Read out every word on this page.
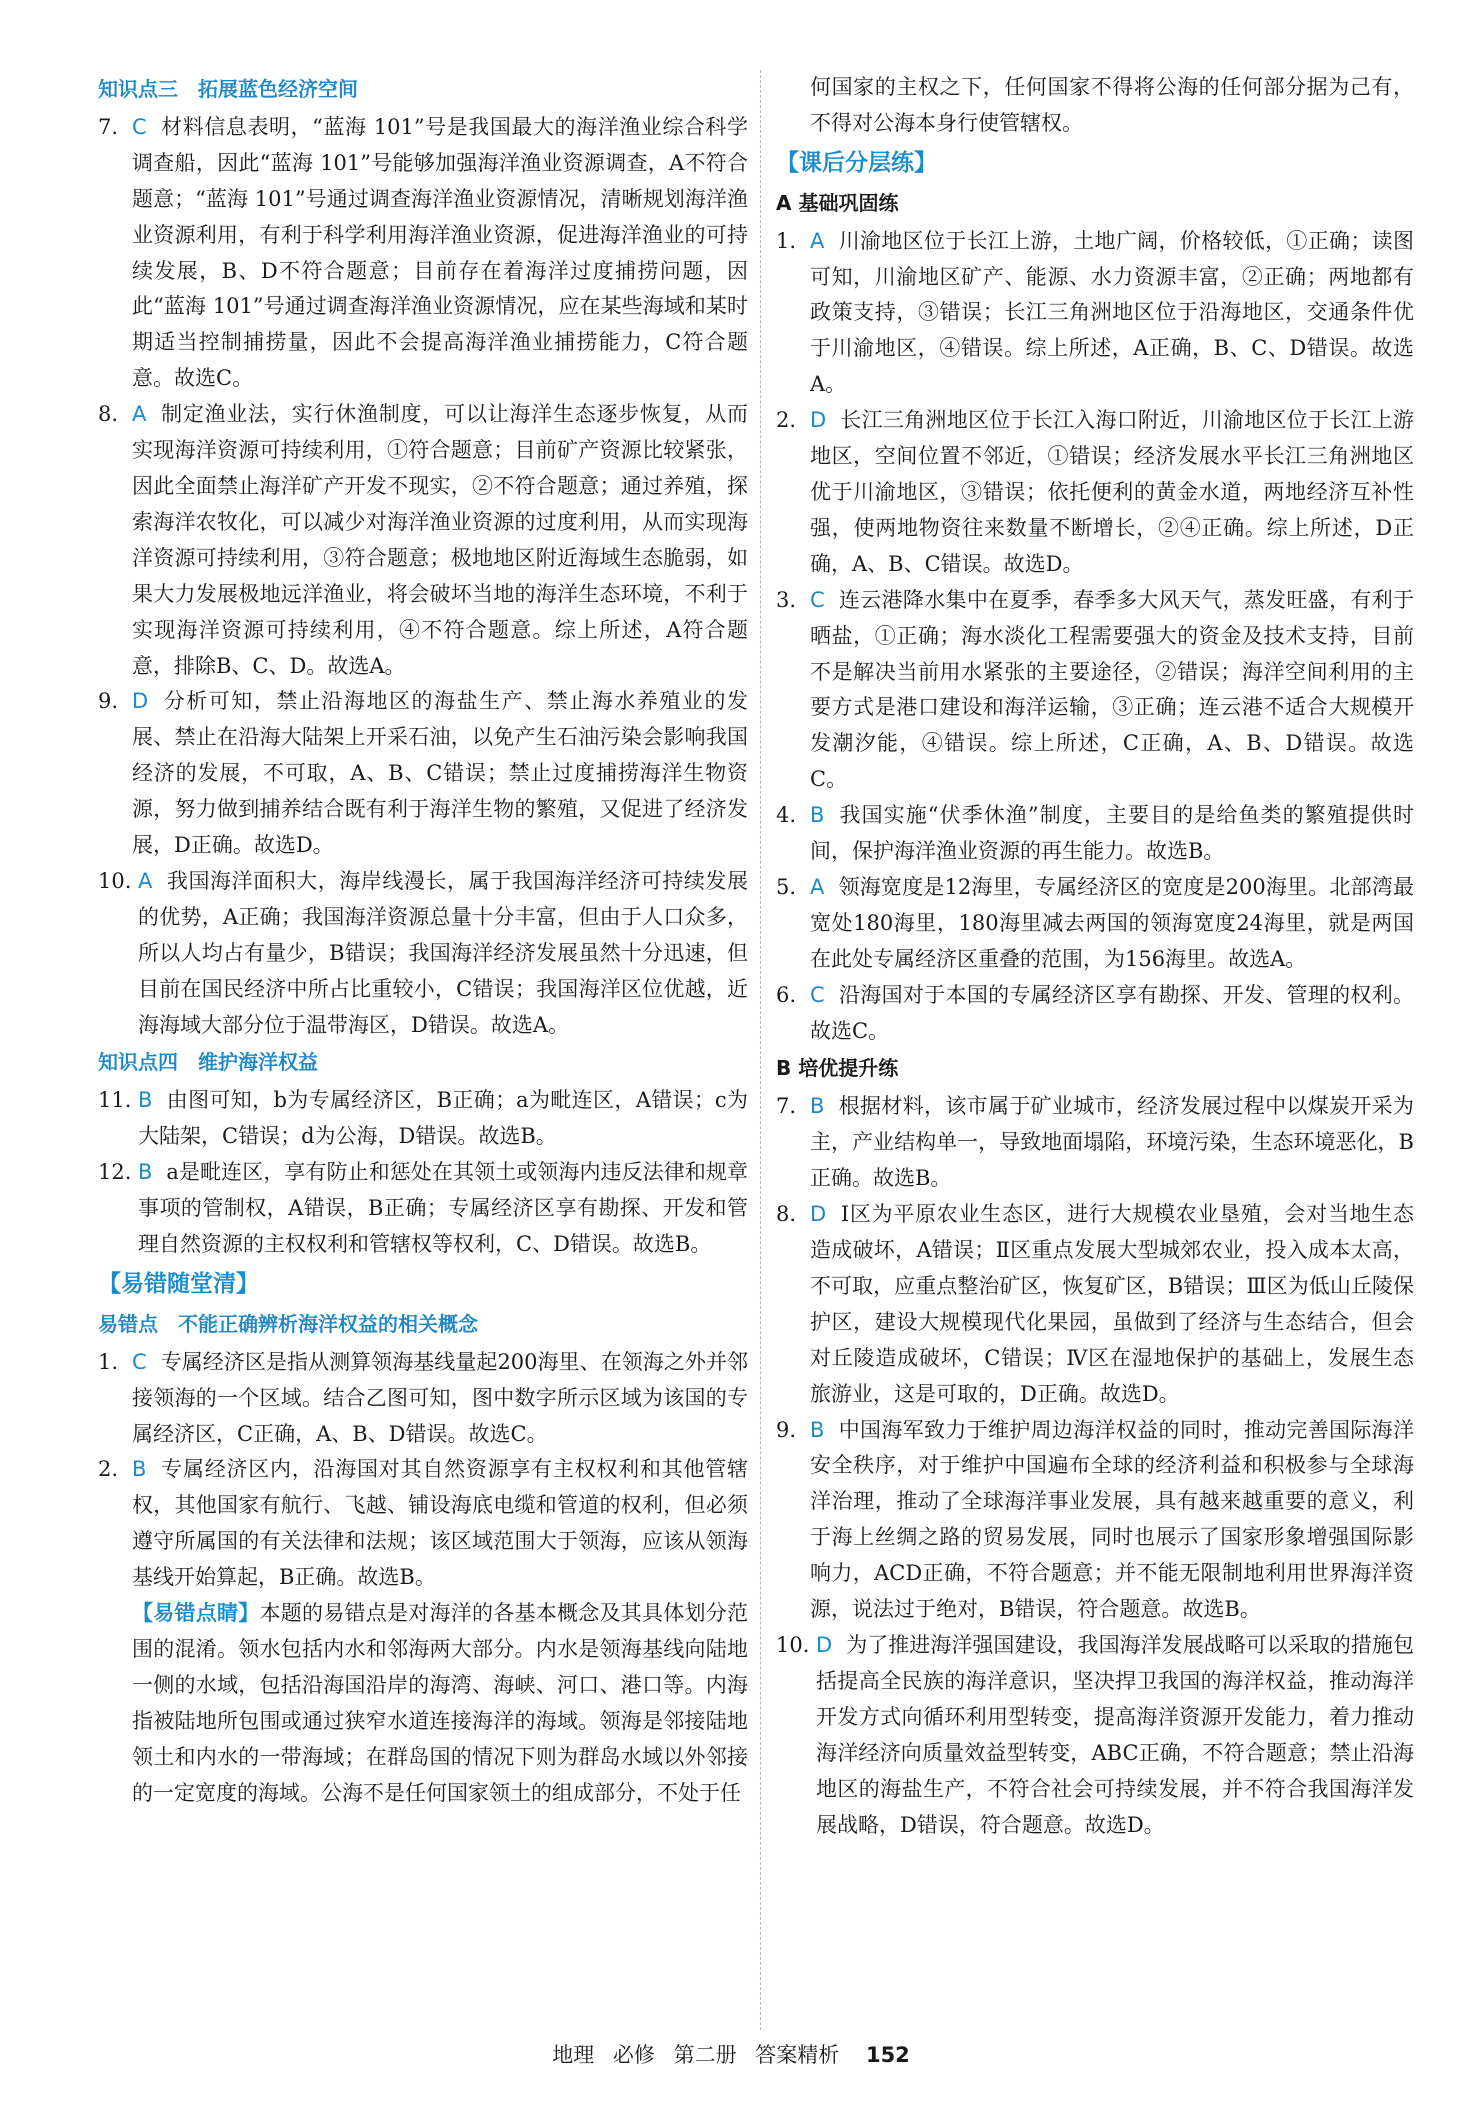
知识点三　拓展蓝色经济空间
7. C 材料信息表明，“蓝海 101”号是我国最大的海洋渔业综合科学调查船，因此“蓝海 101”号能够加强海洋渔业资源调查，A不符合题意；“蓝海 101”号通过调查海洋渔业资源情况，清晰规划海洋渔业资源利用，有利于科学利用海洋渔业资源，促进海洋渔业的可持续发展，B、D不符合题意；目前存在着海洋过度捕捞问题，因此“蓝海 101”号通过调查海洋渔业资源情况，应在某些海域和某时期适当控制捕捞量，因此不会提高海洋渔业捕捞能力，C符合题意。故选C。
8. A 制定渔业法，实行休渔制度，可以让海洋生态逐步恢复，从而实现海洋资源可持续利用，①符合题意；目前矿产资源比较紧张，因此全面禁止海洋矿产开发不现实，②不符合题意；通过养殖，探索海洋农牧化，可以减少对海洋渔业资源的过度利用，从而实现海洋资源可持续利用，③符合题意；极地地区附近海域生态脆弱，如果大力发展极地远洋渔业，将会破坏当地的海洋生态环境，不利于实现海洋资源可持续利用，④不符合题意。综上所述，A符合题意，排除B、C、D。故选A。
9. D 分析可知，禁止沿海地区的海盐生产、禁止海水养殖业的发展、禁止在沿海大陆架上开采石油，以免产生石油污染会影响我国经济的发展，不可取，A、B、C错误；禁止过度捕捞海洋生物资源，努力做到捕养结合既有利于海洋生物的繁殖，又促进了经济发展，D正确。故选D。
10. A 我国海洋面积大，海岸线漫长，属于我国海洋经济可持续发展的优势，A正确；我国海洋资源总量十分丰富，但由于人口众多，所以人均占有量少，B错误；我国海洋经济发展虽然十分迅速，但目前在国民经济中所占比重较小，C错误；我国海洋区位优越，近海海域大部分位于温带海区，D错误。故选A。
知识点四　维护海洋权益
11. B 由图可知，b为专属经济区，B正确；a为毗连区，A错误；c为大陆架，C错误；d为公海，D错误。故选B。
12. B a是毗连区，享有防止和惩处在其领土或领海内违反法律和规章事项的管制权，A错误，B正确；专属经济区享有勘探、开发和管理自然资源的主权权利和管辖权等权利，C、D错误。故选B。
【易错随堂清】
易错点　不能正确辨析海洋权益的相关概念
1. C 专属经济区是指从测算领海基线量起200海里、在领海之外并邻接领海的一个区域。结合乙图可知，图中数字所示区域为该国的专属经济区，C正确，A、B、D错误。故选C。
2. B 专属经济区内，沿海国对其自然资源享有主权权利和其他管辖权，其他国家有航行、飞越、铺设海底电缆和管道的权利，但必须遵守所属国的有关法律和法规；该区域范围大于领海，应该从领海基线开始算起，B正确。故选B。
【易错点睛】本题的易错点是对海洋的各基本概念及其具体划分范围的混淆。领水包括内水和邻海两大部分。内水是领海基线向陆地一侧的水域，包括沿海国沿岸的海湾、海峡、河口、港口等。内海指被陆地所包围或通过狭窄水道连接海洋的海域。领海是邻接陆地领土和内水的一带海域；在群岛国的情况下则为群岛水域以外邻接的一定宽度的海域。公海不是任何国家领土的组成部分，不处于任
何国家的主权之下，任何国家不得将公海的任何部分据为己有，不得对公海本身行使管辖权。
【课后分层练】
A 基础巩固练
1. A 川渝地区位于长江上游，土地广阔，价格较低，①正确；读图可知，川渝地区矿产、能源、水力资源丰富，②正确；两地都有政策支持，③错误；长江三角洲地区位于沿海地区，交通条件优于川渝地区，④错误。综上所述，A正确，B、C、D错误。故选A。
2. D 长江三角洲地区位于长江入海口附近，川渝地区位于长江上游地区，空间位置不邻近，①错误；经济发展水平长江三角洲地区优于川渝地区，③错误；依托便利的黄金水道，两地经济互补性强，使两地物资往来数量不断增长，②④正确。综上所述，D正确，A、B、C错误。故选D。
3. C 连云港降水集中在夏季，春季多大风天气，蒸发旺盛，有利于晒盐，①正确；海水淡化工程需要强大的资金及技术支持，目前不是解决当前用水紧张的主要途径，②错误；海洋空间利用的主要方式是港口建设和海洋运输，③正确；连云港不适合大规模开发潮汐能，④错误。综上所述，C正确，A、B、D错误。故选C。
4. B 我国实施“伏季休渔”制度，主要目的是给鱼类的繁殖提供时间，保护海洋渔业资源的再生能力。故选B。
5. A 领海宽度是12海里，专属经济区的宽度是200海里。北部湾最宽处180海里，180海里减去两国的领海宽度24海里，就是两国在此处专属经济区重叠的范围，为156海里。故选A。
6. C 沿海国对于本国的专属经济区享有勘探、开发、管理的权利。故选C。
B 培优提升练
7. B 根据材料，该市属于矿业城市，经济发展过程中以煤炭开采为主，产业结构单一，导致地面塌陷，环境污染，生态环境恶化，B正确。故选B。
8. D Ⅰ区为平原农业生态区，进行大规模农业垦殖，会对当地生态造成破坏，A错误；Ⅱ区重点发展大型城郊农业，投入成本太高，不可取，应重点整治矿区，恢复矿区，B错误；Ⅲ区为低山丘陵保护区，建设大规模现代化果园，虽做到了经济与生态结合，但会对丘陵造成破坏，C错误；Ⅳ区在湿地保护的基础上，发展生态旅游业，这是可取的，D正确。故选D。
9. B 中国海军致力于维护周边海洋权益的同时，推动完善国际海洋安全秩序，对于维护中国遍布全球的经济利益和积极参与全球海洋治理，推动了全球海洋事业发展，具有越来越重要的意义，利于海上丝绸之路的贸易发展，同时也展示了国家形象增强国际影响力，ACD正确，不符合题意；并不能无限制地利用世界海洋资源，说法过于绝对，B错误，符合题意。故选B。
10. D 为了推进海洋强国建设，我国海洋发展战略可以采取的措施包括提高全民族的海洋意识，坚决捍卫我国的海洋权益，推动海洋开发方式向循环利用型转变，提高海洋资源开发能力，着力推动海洋经济向质量效益型转变，ABC正确，不符合题意；禁止沿海地区的海盐生产，不符合社会可持续发展，并不符合我国海洋发展战略，D错误，符合题意。故选D。
地理 必修 第二册 答案精析 152
